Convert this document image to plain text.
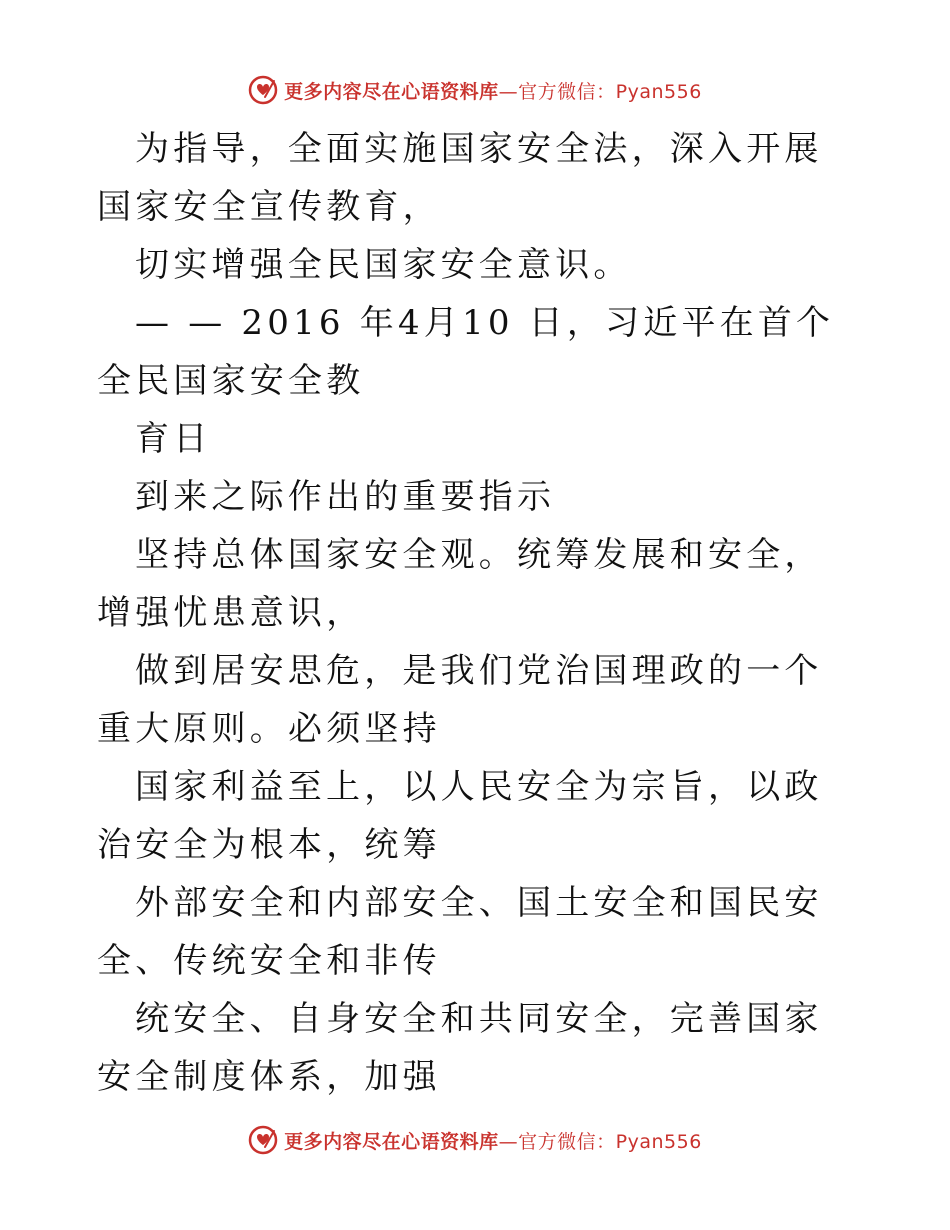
更多内容尽在心语资料库—官方微信：Pyan556

为指导，全面实施国家安全法，深入开展国家安全宣传教育，

切实增强全民国家安全意识。

— — 2016 年4月10 日，习近平在首个全民国家安全教

育日

到来之际作出的重要指示

坚持总体国家安全观。统筹发展和安全，增强忧患意识，

做到居安思危，是我们党治国理政的一个重大原则。必须坚持

国家利益至上，以人民安全为宗旨，以政治安全为根本，统筹

外部安全和内部安全、国土安全和国民安全、传统安全和非传

统安全、自身安全和共同安全，完善国家安全制度体系，加强

更多内容尽在心语资料库—官方微信：Pyan556
